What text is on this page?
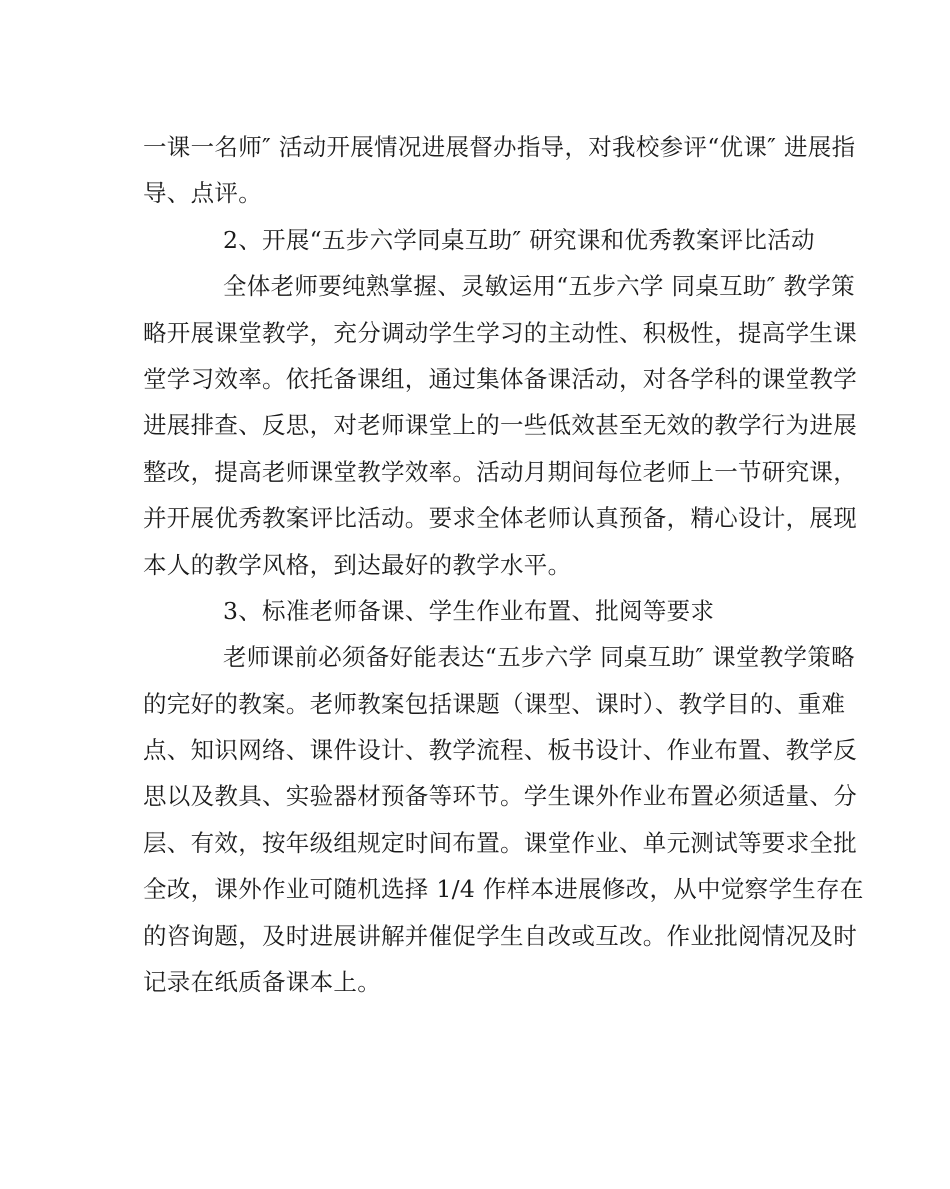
一课一名师″ 活动开展情况进展督办指导，对我校参评“优课″ 进展指
导、点评。
2、开展“五步六学同桌互助″ 研究课和优秀教案评比活动
全体老师要纯熟掌握、灵敏运用“五步六学 同桌互助″ 教学策
略开展课堂教学，充分调动学生学习的主动性、积极性，提高学生课
堂学习效率。依托备课组，通过集体备课活动，对各学科的课堂教学
进展排查、反思，对老师课堂上的一些低效甚至无效的教学行为进展
整改，提高老师课堂教学效率。活动月期间每位老师上一节研究课，
并开展优秀教案评比活动。要求全体老师认真预备，精心设计，展现
本人的教学风格，到达最好的教学水平。
3、标准老师备课、学生作业布置、批阅等要求
老师课前必须备好能表达“五步六学 同桌互助″ 课堂教学策略
的完好的教案。老师教案包括课题（课型、课时）、教学目的、重难
点、知识网络、课件设计、教学流程、板书设计、作业布置、教学反
思以及教具、实验器材预备等环节。学生课外作业布置必须适量、分
层、有效，按年级组规定时间布置。课堂作业、单元测试等要求全批
全改，课外作业可随机选择 1/4 作样本进展修改，从中觉察学生存在
的咨询题，及时进展讲解并催促学生自改或互改。作业批阅情况及时
记录在纸质备课本上。
